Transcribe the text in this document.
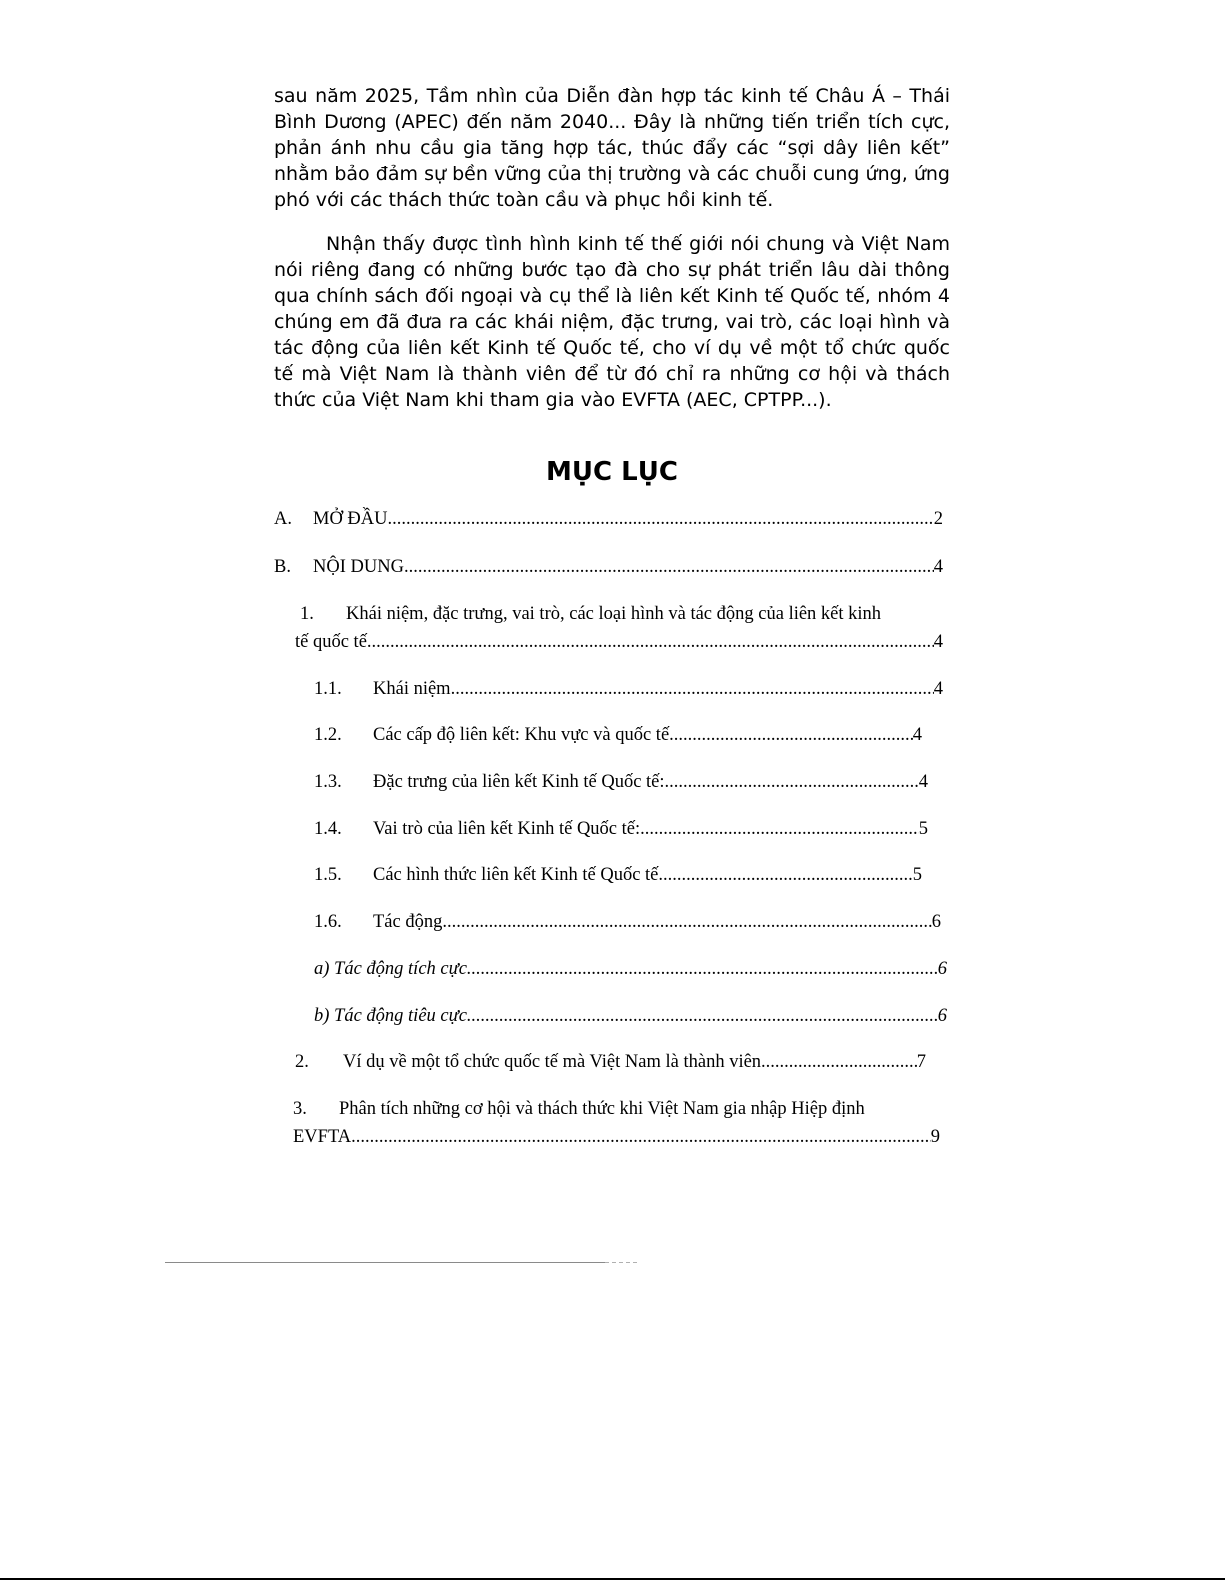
sau năm 2025, Tầm nhìn của Diễn đàn hợp tác kinh tế Châu Á – Thái Bình Dương (APEC) đến năm 2040... Đây là những tiến triển tích cực, phản ánh nhu cầu gia tăng hợp tác, thúc đẩy các “sợi dây liên kết” nhằm bảo đảm sự bền vững của thị trường và các chuỗi cung ứng, ứng phó với các thách thức toàn cầu và phục hồi kinh tế.

Nhận thấy được tình hình kinh tế thế giới nói chung và Việt Nam nói riêng đang có những bước tạo đà cho sự phát triển lâu dài thông qua chính sách đối ngoại và cụ thể là liên kết Kinh tế Quốc tế, nhóm 4 chúng em đã đưa ra các khái niệm, đặc trưng, vai trò, các loại hình và tác động của liên kết Kinh tế Quốc tế, cho ví dụ về một tổ chức quốc tế mà Việt Nam là thành viên để từ đó chỉ ra những cơ hội và thách thức của Việt Nam khi tham gia vào EVFTA (AEC, CPTPP...).

MỤC LỤC
A.	MỞ ĐẦU .....	2
B.	NỘI DUNG .....	4
1.	Khái niệm, đặc trưng, vai trò, các loại hình và tác động của liên kết kinh
tế quốc tế .....	4
1.1.	Khái niệm .....	4
1.2.	Các cấp độ liên kết: Khu vực và quốc tế .....	4
1.3.	Đặc trưng của liên kết Kinh tế Quốc tế: .....	4
1.4.	Vai trò của liên kết Kinh tế Quốc tế: .....	5
1.5.	Các hình thức liên kết Kinh tế Quốc tế .....	5
1.6.	Tác động .....	6
a) Tác động tích cực .....	6
b) Tác động tiêu cực .....	6
2.	Ví dụ về một tổ chức quốc tế mà Việt Nam là thành viên .....	7
3.	Phân tích những cơ hội và thách thức khi Việt Nam gia nhập Hiệp định
EVFTA .....	9
